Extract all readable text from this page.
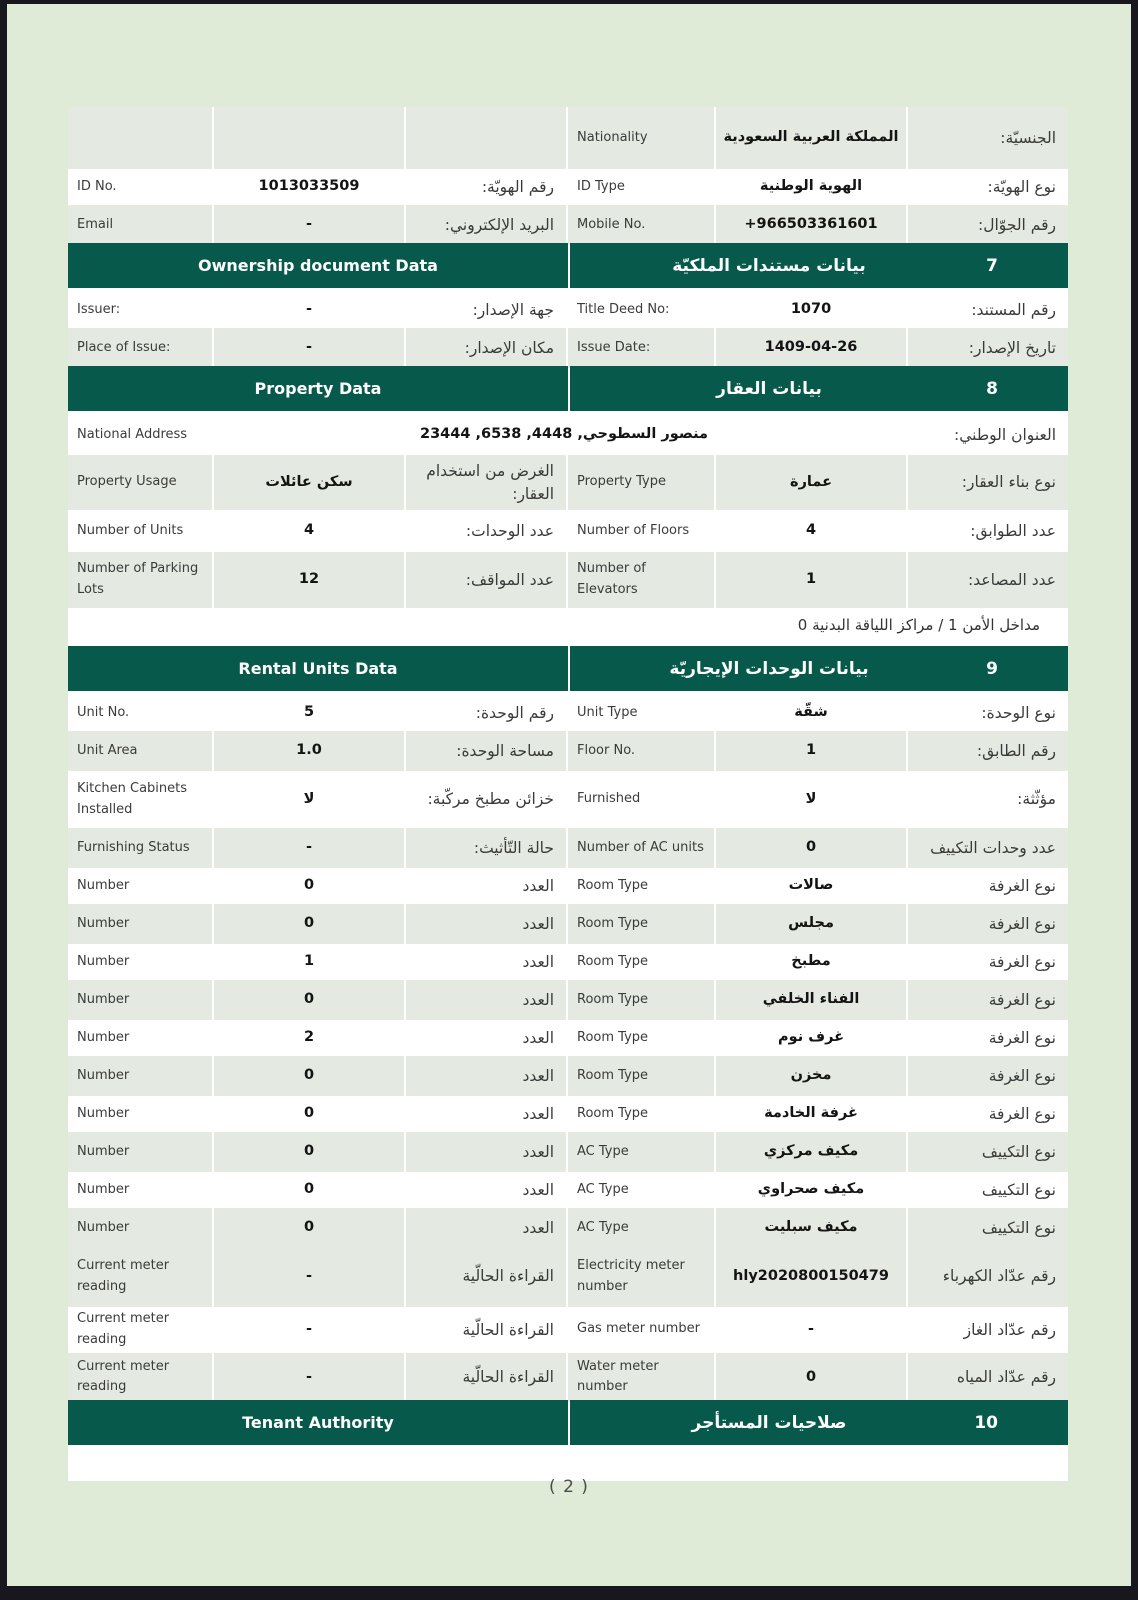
الجنسيّة:
المملكة العربية السعودية
Nationality
نوع الهويّة:
الهوية الوطنية
ID Type
رقم الهويّة:
1013033509
ID No.
رقم الجوّال:
+966503361601
Mobile No.
البريد الإلكتروني:
-
Email
7
بيانات مستندات الملكيّة
Ownership document Data
رقم المستند:
1070
Title Deed No:
جهة الإصدار:
-
Issuer:
تاريخ الإصدار:
1409-04-26
Issue Date:
مكان الإصدار:
-
Place of Issue:
8
بيانات العقار
Property Data
العنوان الوطني:
منصور السطوحي, 4448, 6538, 23444
National Address
نوع بناء العقار:
عمارة
Property Type
الغرض من استخدام العقار:
سكن عائلات
Property Usage
عدد الطوابق:
4
Number of Floors
عدد الوحدات:
4
Number of Units
عدد المصاعد:
1
Number of Elevators
عدد المواقف:
12
Number of Parking Lots
مداخل الأمن 1 / مراكز اللياقة البدنية 0
9
بيانات الوحدات الإيجاريّة
Rental Units Data
نوع الوحدة:
شقّة
Unit Type
رقم الوحدة:
5
Unit No.
رقم الطابق:
1
Floor No.
مساحة الوحدة:
1.0
Unit Area
مؤثّثة:
لا
Furnished
خزائن مطبخ مركّبة:
لا
Kitchen Cabinets Installed
عدد وحدات التكييف
0
Number of AC units
حالة التّأثيث:
-
Furnishing Status
نوع الغرفة
صالات
Room Type
العدد
0
Number
نوع الغرفة
مجلس
Room Type
العدد
0
Number
نوع الغرفة
مطبخ
Room Type
العدد
1
Number
نوع الغرفة
الفناء الخلفي
Room Type
العدد
0
Number
نوع الغرفة
غرف نوم
Room Type
العدد
2
Number
نوع الغرفة
مخزن
Room Type
العدد
0
Number
نوع الغرفة
غرفة الخادمة
Room Type
العدد
0
Number
نوع التكييف
مكيف مركزي
AC Type
العدد
0
Number
نوع التكييف
مكيف صحراوي
AC Type
العدد
0
Number
نوع التكييف
مكيف سبليت
AC Type
العدد
0
Number
رقم عدّاد الكهرباء
hly2020800150479
Electricity meter number
القراءة الحالّية
-
Current meter reading
رقم عدّاد الغاز
-
Gas meter number
القراءة الحالّية
-
Current meter reading
رقم عدّاد المياه
0
Water meter number
القراءة الحالّية
-
Current meter reading
10
صلاحيات المستأجر
Tenant Authority
( 2 )
